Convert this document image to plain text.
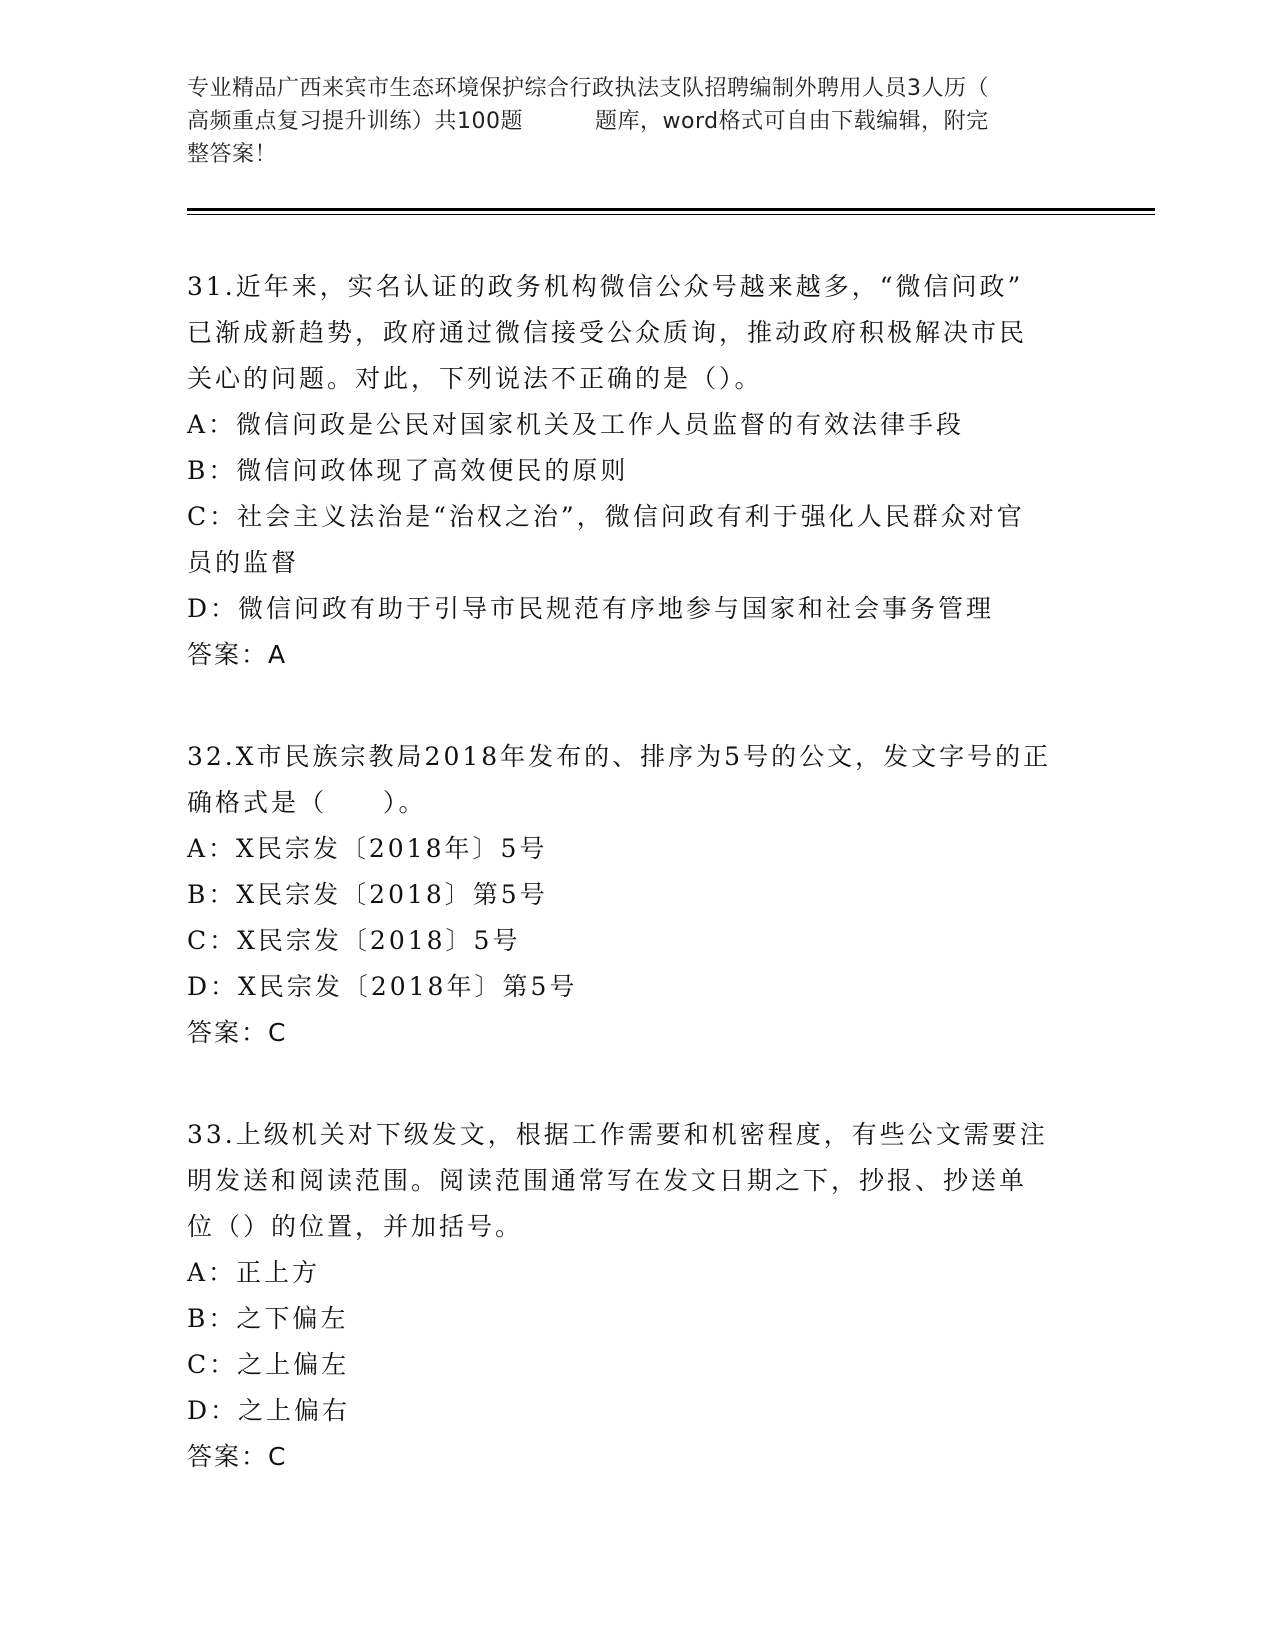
专业精品广西来宾市生态环境保护综合行政执法支队招聘编制外聘用人员3人历（
高频重点复习提升训练）共100题	题库，word格式可自由下载编辑，附完
整答案！
31.近年来，实名认证的政务机构微信公众号越来越多，“微信问政”
已渐成新趋势，政府通过微信接受公众质询，推动政府积极解决市民
关心的问题。对此，下列说法不正确的是（）。
A：微信问政是公民对国家机关及工作人员监督的有效法律手段
B：微信问政体现了高效便民的原则
C：社会主义法治是“治权之治”，微信问政有利于强化人民群众对官
员的监督
D：微信问政有助于引导市民规范有序地参与国家和社会事务管理
答案：A
32.X市民族宗教局2018年发布的、排序为5号的公文，发文字号的正
确格式是（　　）。
A：X民宗发〔2018年〕5号
B：X民宗发〔2018〕第5号
C：X民宗发〔2018〕5号
D：X民宗发〔2018年〕第5号
答案：C
33.上级机关对下级发文，根据工作需要和机密程度，有些公文需要注
明发送和阅读范围。阅读范围通常写在发文日期之下，抄报、抄送单
位（）的位置，并加括号。
A：正上方
B：之下偏左
C：之上偏左
D：之上偏右
答案：C
